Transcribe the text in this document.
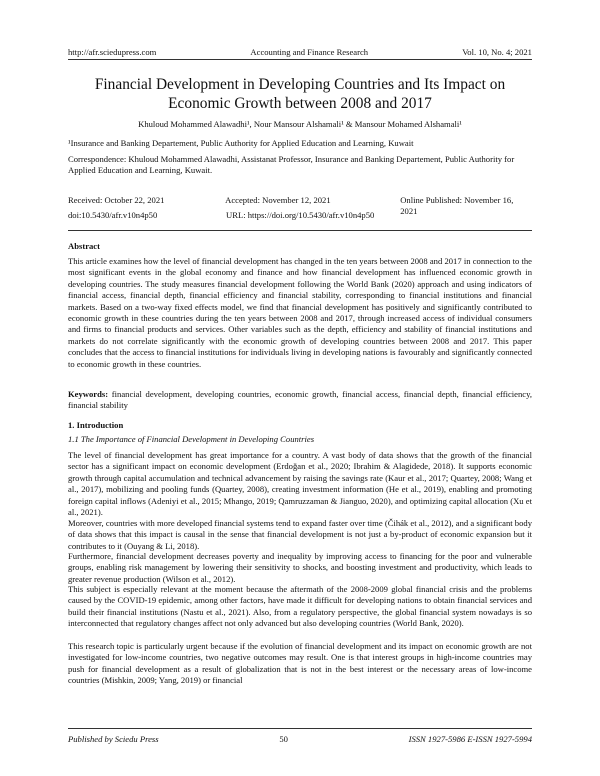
http://afr.sciedupress.com	Accounting and Finance Research	Vol. 10, No. 4; 2021
Financial Development in Developing Countries and Its Impact on Economic Growth between 2008 and 2017
Khuloud Mohammed Alawadhi¹, Nour Mansour Alshamali¹ & Mansour Mohamed Alshamali¹
¹Insurance and Banking Departement, Public Authority for Applied Education and Learning, Kuwait
Correspondence: Khuloud Mohammed Alawadhi, Assistanat Professor, Insurance and Banking Departement, Public Authority for Applied Education and Learning, Kuwait.
Received: October 22, 2021	Accepted: November 12, 2021	Online Published: November 16, 2021
doi:10.5430/afr.v10n4p50	URL: https://doi.org/10.5430/afr.v10n4p50
Abstract
This article examines how the level of financial development has changed in the ten years between 2008 and 2017 in connection to the most significant events in the global economy and finance and how financial development has influenced economic growth in developing countries. The study measures financial development following the World Bank (2020) approach and using indicators of financial access, financial depth, financial efficiency and financial stability, corresponding to financial institutions and financial markets. Based on a two-way fixed effects model, we find that financial development has positively and significantly contributed to economic growth in these countries during the ten years between 2008 and 2017, through increased access of individual consumers and firms to financial products and services. Other variables such as the depth, efficiency and stability of financial institutions and markets do not correlate significantly with the economic growth of developing countries between 2008 and 2017. This paper concludes that the access to financial institutions for individuals living in developing nations is favourably and significantly connected to economic growth in these countries.
Keywords: financial development, developing countries, economic growth, financial access, financial depth, financial efficiency, financial stability
1. Introduction
1.1 The Importance of Financial Development in Developing Countries
The level of financial development has great importance for a country. A vast body of data shows that the growth of the financial sector has a significant impact on economic development (Erdoğan et al., 2020; Ibrahim & Alagidede, 2018). It supports economic growth through capital accumulation and technical advancement by raising the savings rate (Kaur et al., 2017; Quartey, 2008; Wang et al., 2017), mobilizing and pooling funds (Quartey, 2008), creating investment information (He et al., 2019), enabling and promoting foreign capital inflows (Adeniyi et al., 2015; Mhango, 2019; Qamruzzaman & Jianguo, 2020), and optimizing capital allocation (Xu et al., 2021).
Moreover, countries with more developed financial systems tend to expand faster over time (Čihák et al., 2012), and a significant body of data shows that this impact is causal in the sense that financial development is not just a by-product of economic expansion but it contributes to it (Ouyang & Li, 2018).
Furthermore, financial development decreases poverty and inequality by improving access to financing for the poor and vulnerable groups, enabling risk management by lowering their sensitivity to shocks, and boosting investment and productivity, which leads to greater revenue production (Wilson et al., 2012).
This subject is especially relevant at the moment because the aftermath of the 2008-2009 global financial crisis and the problems caused by the COVID-19 epidemic, among other factors, have made it difficult for developing nations to obtain financial services and build their financial institutions (Nastu et al., 2021). Also, from a regulatory perspective, the global financial system nowadays is so interconnected that regulatory changes affect not only advanced but also developing countries (World Bank, 2020).
This research topic is particularly urgent because if the evolution of financial development and its impact on economic growth are not investigated for low-income countries, two negative outcomes may result. One is that interest groups in high-income countries may push for financial development as a result of globalization that is not in the best interest or the necessary areas of low-income countries (Mishkin, 2009; Yang, 2019) or financial
Published by Sciedu Press	50	ISSN 1927-5986 E-ISSN 1927-5994
